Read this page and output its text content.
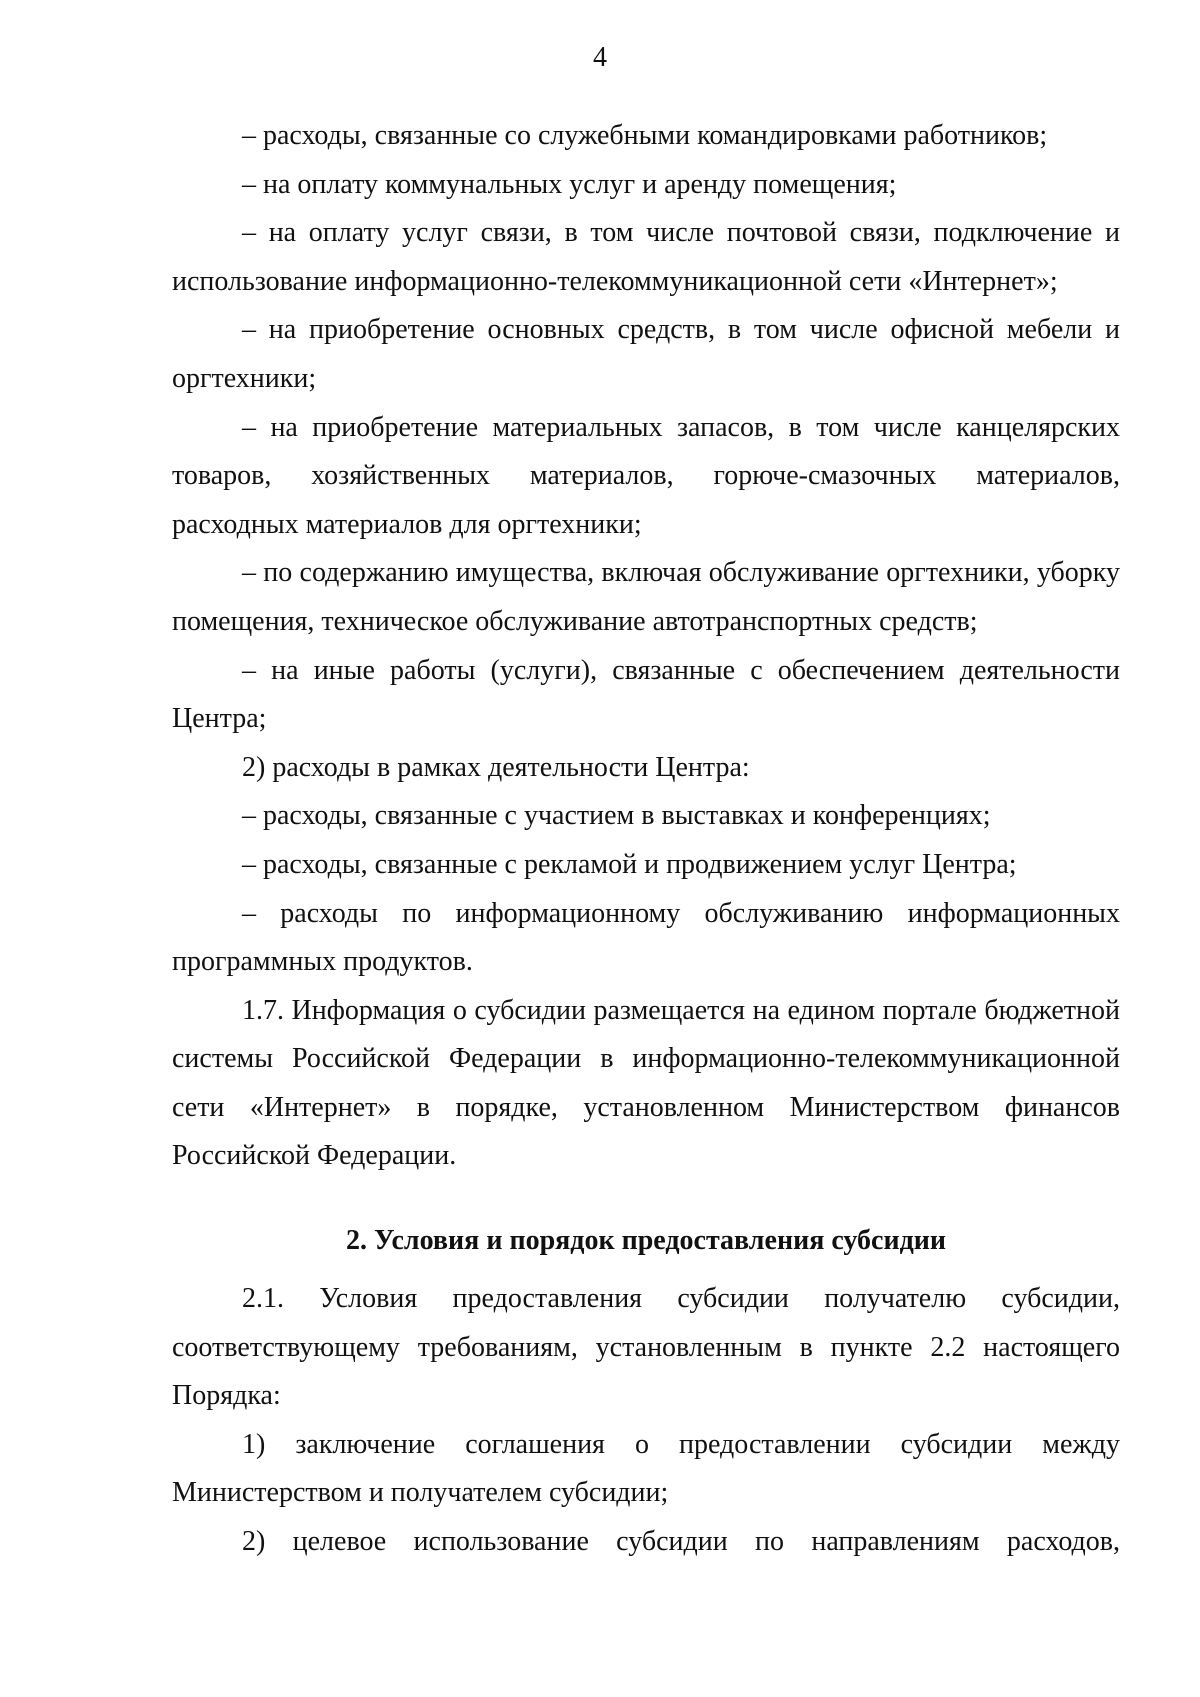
4

– расходы, связанные со служебными командировками работников;

– на оплату коммунальных услуг и аренду помещения;

– на оплату услуг связи, в том числе почтовой связи, подключение и использование информационно-телекоммуникационной сети «Интернет»;

– на приобретение основных средств, в том числе офисной мебели и оргтехники;

– на приобретение материальных запасов, в том числе канцелярских товаров, хозяйственных материалов, горюче-смазочных материалов, расходных материалов для оргтехники;

– по содержанию имущества, включая обслуживание оргтехники, уборку помещения, техническое обслуживание автотранспортных средств;

– на иные работы (услуги), связанные с обеспечением деятельности Центра;

2) расходы в рамках деятельности Центра:

– расходы, связанные с участием в выставках и конференциях;

– расходы, связанные с рекламой и продвижением услуг Центра;

– расходы по информационному обслуживанию информационных программных продуктов.

1.7. Информация о субсидии размещается на едином портале бюджетной системы Российской Федерации в информационно-телекоммуникационной сети «Интернет» в порядке, установленном Министерством финансов Российской Федерации.

2. Условия и порядок предоставления субсидии

2.1. Условия предоставления субсидии получателю субсидии, соответствующему требованиям, установленным в пункте 2.2 настоящего Порядка:

1) заключение соглашения о предоставлении субсидии между Министерством и получателем субсидии;

2) целевое использование субсидии по направлениям расходов,
